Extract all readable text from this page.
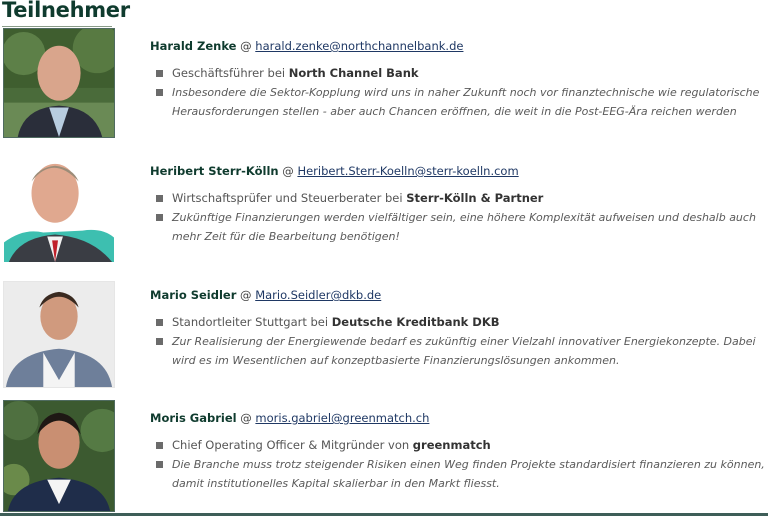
Teilnehmer
Harald Zenke @ harald.zenke@northchannelbank.de
Geschäftsführer bei North Channel Bank
Insbesondere die Sektor-Kopplung wird uns in naher Zukunft noch vor finanztechnische wie regulatorische Herausforderungen stellen - aber auch Chancen eröffnen, die weit in die Post-EEG-Ära reichen werden
Heribert Sterr-Kölln @ Heribert.Sterr-Koelln@sterr-koelln.com
Wirtschaftsprüfer und Steuerberater bei Sterr-Kölln & Partner
Zukünftige Finanzierungen werden vielfältiger sein, eine höhere Komplexität aufweisen und deshalb auch mehr Zeit für die Bearbeitung benötigen!
Mario Seidler @ Mario.Seidler@dkb.de
Standortleiter Stuttgart bei Deutsche Kreditbank DKB
Zur Realisierung der Energiewende bedarf es zukünftig einer Vielzahl innovativer Energiekonzepte. Dabei wird es im Wesentlichen auf konzeptbasierte Finanzierungslösungen ankommen.
Moris Gabriel @ moris.gabriel@greenmatch.ch
Chief Operating Officer & Mitgründer von greenmatch
Die Branche muss trotz steigender Risiken einen Weg finden Projekte standardisiert finanzieren zu können, damit institutionelles Kapital skalierbar in den Markt fliesst.
